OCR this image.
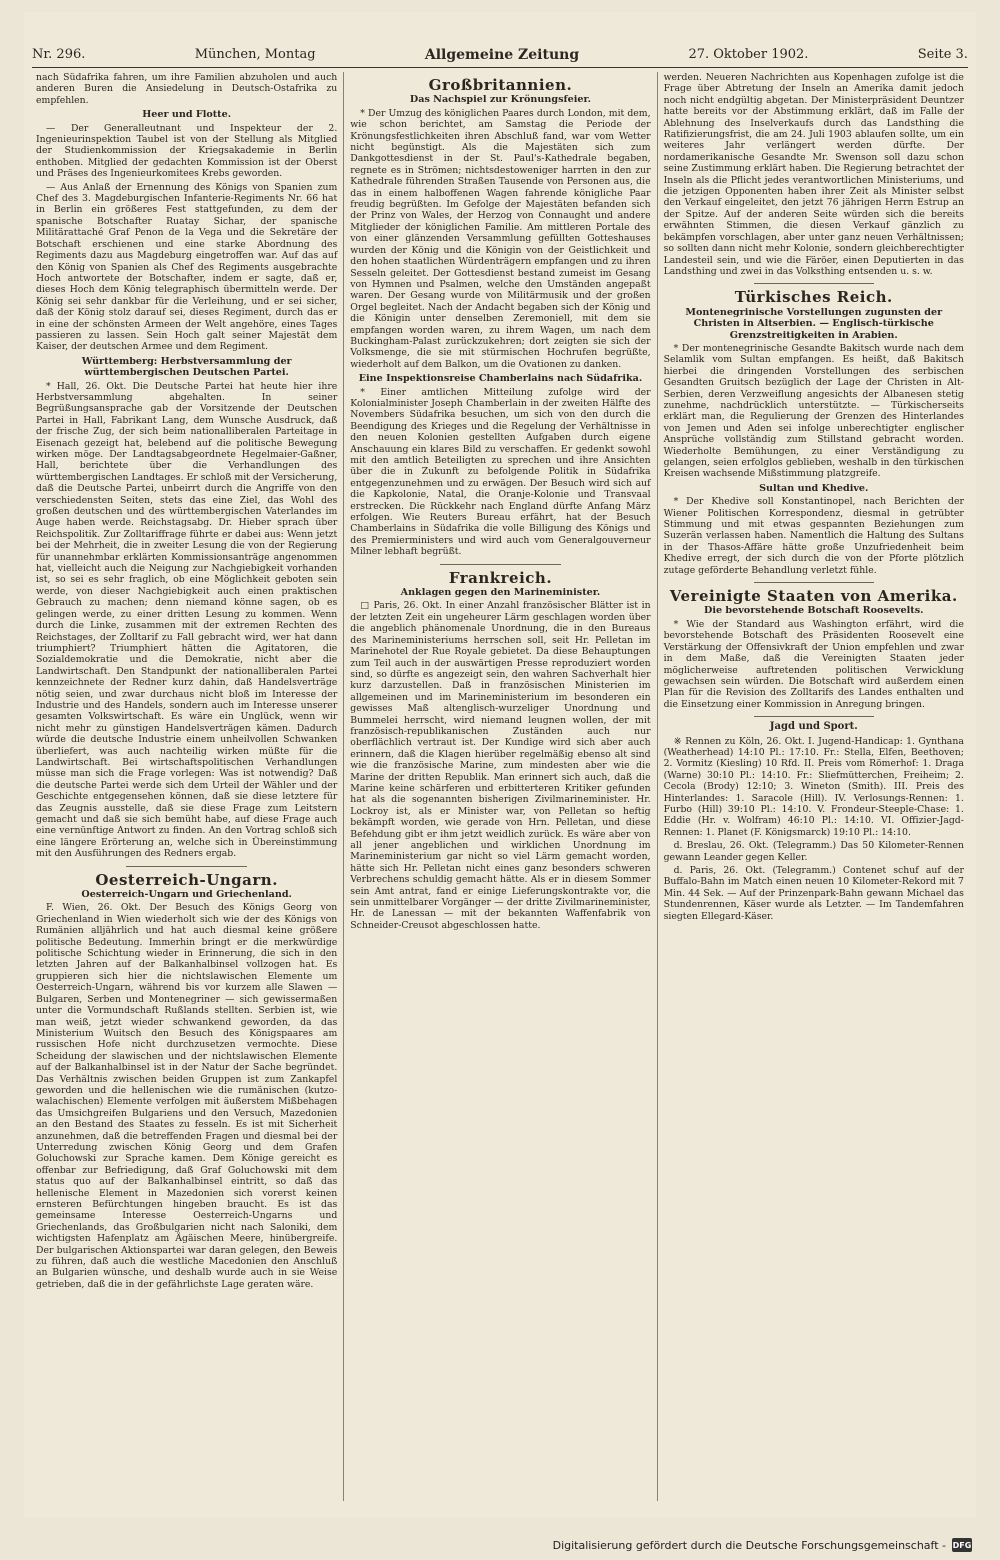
Nr. 296.	München, Montag	Allgemeine Zeitung	27. Oktober 1902.	Seite 3.

nach Südafrika fahren, um ihre Familien abzuholen und auch anderen Buren die Ansiedelung in Deutsch-Ostafrika zu empfehlen.

Heer und Flotte.

— Der Generalleutnant und Inspekteur der 2. Ingenieurinspektion Taubel ist von der Stellung als Mitglied der Studienkommission der Kriegsakademie in Berlin enthoben. Mitglied der gedachten Kommission ist der Oberst und Präses des Ingenieurkomitees Krebs geworden.

— Aus Anlaß der Ernennung des Königs von Spanien zum Chef des 3. Magdeburgischen Infanterie-Regiments Nr. 66 hat in Berlin ein größeres Fest stattgefunden, zu dem der spanische Botschafter Ruatay Sichar, der spanische Militärattaché Graf Penon de la Vega und die Sekretäre der Botschaft erschienen und eine starke Abordnung des Regiments dazu aus Magdeburg eingetroffen war. Auf das auf den König von Spanien als Chef des Regiments ausgebrachte Hoch antwortete der Botschafter, indem er sagte, daß er, dieses Hoch dem König telegraphisch übermitteln werde. Der König sei sehr dankbar für die Verleihung, und er sei sicher, daß der König stolz darauf sei, dieses Regiment, durch das er in eine der schönsten Armeen der Welt angehöre, eines Tages passieren zu lassen. Sein Hoch galt seiner Majestät dem Kaiser, der deutschen Armee und dem Regiment.

Württemberg: Herbstversammlung der württembergischen Deutschen Partei.

* Hall, 26. Okt. Die Deutsche Partei hat heute hier ihre Herbstversammlung abgehalten. In seiner Begrüßungsansprache gab der Vorsitzende der Deutschen Partei in Hall, Fabrikant Lang, dem Wunsche Ausdruck, daß der frische Zug, der sich beim nationalliberalen Parteitage in Eisenach gezeigt hat, belebend auf die politische Bewegung wirken möge. Der Landtagsabgeordnete Hegelmaier-Gaßner, Hall, berichtete über die Verhandlungen des württembergischen Landtages. Er schloß mit der Versicherung, daß die Deutsche Partei, unbeirrt durch die Angriffe von den verschiedensten Seiten, stets das eine Ziel, das Wohl des großen deutschen und des württembergischen Vaterlandes im Auge haben werde. Reichstagsabg. Dr. Hieber sprach über Reichspolitik. Zur Zolltariffrage führte er dabei aus: Wenn jetzt bei der Mehrheit, die in zweiter Lesung die von der Regierung für unannehmbar erklärten Kommissionsanträge angenommen hat, vielleicht auch die Neigung zur Nachgiebigkeit vorhanden ist, so sei es sehr fraglich, ob eine Möglichkeit geboten sein werde, von dieser Nachgiebigkeit auch einen praktischen Gebrauch zu machen; denn niemand könne sagen, ob es gelingen werde, zu einer dritten Lesung zu kommen. Wenn durch die Linke, zusammen mit der extremen Rechten des Reichstages, der Zolltarif zu Fall gebracht wird, wer hat dann triumphiert? Triumphiert hätten die Agitatoren, die Sozialdemokratie und die Demokratie, nicht aber die Landwirtschaft. Den Standpunkt der nationalliberalen Partei kennzeichnete der Redner kurz dahin, daß Handelsverträge nötig seien, und zwar durchaus nicht bloß im Interesse der Industrie und des Handels, sondern auch im Interesse unserer gesamten Volkswirtschaft. Es wäre ein Unglück, wenn wir nicht mehr zu günstigen Handelsverträgen kämen. Dadurch würde die deutsche Industrie einem unheilvollen Schwanken überliefert, was auch nachteilig wirken müßte für die Landwirtschaft. Bei wirtschaftspolitischen Verhandlungen müsse man sich die Frage vorlegen: Was ist notwendig? Daß die deutsche Partei werde sich dem Urteil der Wähler und der Geschichte entgegensehen können, daß sie diese letztere für das Zeugnis ausstelle, daß sie diese Frage zum Leitstern gemacht und daß sie sich bemüht habe, auf diese Frage auch eine vernünftige Antwort zu finden. An den Vortrag schloß sich eine längere Erörterung an, welche sich in Übereinstimmung mit den Ausführungen des Redners ergab.

Oesterreich-Ungarn.
Oesterreich-Ungarn und Griechenland.

F. Wien, 26. Okt. Der Besuch des Königs Georg von Griechenland in Wien wiederholt sich wie der des Königs von Rumänien alljährlich und hat auch diesmal keine größere politische Bedeutung. Immerhin bringt er die merkwürdige politische Schichtung wieder in Erinnerung, die sich in den letzten Jahren auf der Balkanhalbinsel vollzogen hat. Es gruppieren sich hier die nichtslawischen Elemente um Oesterreich-Ungarn, während bis vor kurzem alle Slawen — Bulgaren, Serben und Montenegriner — sich gewissermaßen unter die Vormundschaft Rußlands stellten. Serbien ist, wie man weiß, jetzt wieder schwankend geworden, da das Ministerium Wuitsch den Besuch des Königspaares am russischen Hofe nicht durchzusetzen vermochte. Diese Scheidung der slawischen und der nichtslawischen Elemente auf der Balkanhalbinsel ist in der Natur der Sache begründet. Das Verhältnis zwischen beiden Gruppen ist zum Zankapfel geworden und die hellenischen wie die rumänischen (kutzo-walachischen) Elemente verfolgen mit äußerstem Mißbehagen das Umsichgreifen Bulgariens und den Versuch, Mazedonien an den Bestand des Staates zu fesseln. Es ist mit Sicherheit anzunehmen, daß die betreffenden Fragen und diesmal bei der Unterredung zwischen König Georg und dem Grafen Goluchowski zur Sprache kamen. Dem Könige gereicht es offenbar zur Befriedigung, daß Graf Goluchowski mit dem status quo auf der Balkanhalbinsel eintritt, so daß das hellenische Element in Mazedonien sich vorerst keinen ernsteren Befürchtungen hingeben braucht. Es ist das gemeinsame Interesse Oesterreich-Ungarns und Griechenlands, das Großbulgarien nicht nach Saloniki, dem wichtigsten Hafenplatz am Ägäischen Meere, hinübergreife. Der bulgarischen Aktionspartei war daran gelegen, den Beweis zu führen, daß auch die westliche Macedonien den Anschluß an Bulgarien wünsche, und deshalb wurde auch in sie Weise getrieben, daß die in der gefährlichste Lage geraten wäre.

Großbritannien.
Das Nachspiel zur Krönungsfeier.

* Der Umzug des königlichen Paares durch London, mit dem, wie schon berichtet, am Samstag die Periode der Krönungsfestlichkeiten ihren Abschluß fand, war vom Wetter nicht begünstigt. Als die Majestäten sich zum Dankgottesdienst in der St. Paul's-Kathedrale begaben, regnete es in Strömen; nichtsdestoweniger harrten in den zur Kathedrale führenden Straßen Tausende von Personen aus, die das in einem halboffenen Wagen fahrende königliche Paar freudig begrüßten. Im Gefolge der Majestäten befanden sich der Prinz von Wales, der Herzog von Connaught und andere Mitglieder der königlichen Familie. Am mittleren Portale des von einer glänzenden Versammlung gefüllten Gotteshauses wurden der König und die Königin von der Geistlichkeit und den hohen staatlichen Würdenträgern empfangen und zu ihren Sesseln geleitet. Der Gottesdienst bestand zumeist im Gesang von Hymnen und Psalmen, welche den Umständen angepaßt waren. Der Gesang wurde von Militärmusik und der großen Orgel begleitet. Nach der Andacht begaben sich der König und die Königin unter denselben Zeremoniell, mit dem sie empfangen worden waren, zu ihrem Wagen, um nach dem Buckingham-Palast zurückzukehren; dort zeigten sie sich der Volksmenge, die sie mit stürmischen Hochrufen begrüßte, wiederholt auf dem Balkon, um die Ovationen zu danken.

Eine Inspektionsreise Chamberlains nach Südafrika.

* Einer amtlichen Mitteilung zufolge wird der Kolonialminister Joseph Chamberlain in der zweiten Hälfte des Novembers Südafrika besuchen, um sich von den durch die Beendigung des Krieges und die Regelung der Verhältnisse in den neuen Kolonien gestellten Aufgaben durch eigene Anschauung ein klares Bild zu verschaffen. Er gedenkt sowohl mit den amtlich Beteiligten zu sprechen und ihre Ansichten über die in Zukunft zu befolgende Politik in Südafrika entgegenzunehmen und zu erwägen. Der Besuch wird sich auf die Kapkolonie, Natal, die Oranje-Kolonie und Transvaal erstrecken. Die Rückkehr nach England dürfte Anfang März erfolgen. Wie Reuters Bureau erfährt, hat der Besuch Chamberlains in Südafrika die volle Billigung des Königs und des Premierministers und wird auch vom Generalgouverneur Milner lebhaft begrüßt.

Frankreich.
Anklagen gegen den Marineminister.

□ Paris, 26. Okt. In einer Anzahl französischer Blätter ist in der letzten Zeit ein ungeheurer Lärm geschlagen worden über die angeblich phänomenale Unordnung, die in den Bureaus des Marineministeriums herrschen soll, seit Hr. Pelletan im Marinehotel der Rue Royale gebietet. Da diese Behauptungen zum Teil auch in der auswärtigen Presse reproduziert worden sind, so dürfte es angezeigt sein, den wahren Sachverhalt hier kurz darzustellen. Daß in französischen Ministerien im allgemeinen und im Marineministerium im besonderen ein gewisses Maß altenglisch-wurzeliger Unordnung und Bummelei herrscht, wird niemand leugnen wollen, der mit französisch-republikanischen Zuständen auch nur oberflächlich vertraut ist. Der Kundige wird sich aber auch erinnern, daß die Klagen hierüber regelmäßig ebenso alt sind wie die französische Marine, zum mindesten aber wie die Marine der dritten Republik. Man erinnert sich auch, daß die Marine keine schärferen und erbitterteren Kritiker gefunden hat als die sogenannten bisherigen Zivilmarineminister. Hr. Lockroy ist, als er Minister war, von Pelletan so heftig bekämpft worden, wie gerade von Hrn. Pelletan, und diese Befehdung gibt er ihm jetzt weidlich zurück. Es wäre aber von all jener angeblichen und wirklichen Unordnung im Marineministerium gar nicht so viel Lärm gemacht worden, hätte sich Hr. Pelletan nicht eines ganz besonders schweren Verbrechens schuldig gemacht hätte. Als er in diesem Sommer sein Amt antrat, fand er einige Lieferungskontrakte vor, die sein unmittelbarer Vorgänger — der dritte Zivilmarineminister, Hr. de Lanessan — mit der bekannten Waffenfabrik von Schneider-Creusot abgeschlossen hatte.

werden. Neueren Nachrichten aus Kopenhagen zufolge ist die Frage über Abtretung der Inseln an Amerika damit jedoch noch nicht endgültig abgetan. Der Ministerpräsident Deuntzer hatte bereits vor der Abstimmung erklärt, daß im Falle der Ablehnung des Inselverkaufs durch das Landsthing die Ratifizierungsfrist, die am 24. Juli 1903 ablaufen sollte, um ein weiteres Jahr verlängert werden dürfte. Der nordamerikanische Gesandte Mr. Swenson soll dazu schon seine Zustimmung erklärt haben. Die Regierung betrachtet der Inseln als die Pflicht jedes verantwortlichen Ministeriums, und die jetzigen Opponenten haben ihrer Zeit als Minister selbst den Verkauf eingeleitet, den jetzt 76 jährigen Herrn Estrup an der Spitze. Auf der anderen Seite würden sich die bereits erwähnten Stimmen, die diesen Verkauf gänzlich zu bekämpfen vorschlagen, aber unter ganz neuen Verhältnissen; so sollten dann nicht mehr Kolonie, sondern gleichberechtigter Landesteil sein, und wie die Färöer, einen Deputierten in das Landsthing und zwei in das Volksthing entsenden u. s. w.

Türkisches Reich.
Montenegrinische Vorstellungen zugunsten der Christen in Altserbien. — Englisch-türkische Grenzstreitigkeiten in Arabien.

* Der montenegrinische Gesandte Bakitsch wurde nach dem Selamlik vom Sultan empfangen. Es heißt, daß Bakitsch hierbei die dringenden Vorstellungen des serbischen Gesandten Gruitsch bezüglich der Lage der Christen in Alt-Serbien, deren Verzweiflung angesichts der Albanesen stetig zunehme, nachdrücklich unterstützte. — Türkischerseits erklärt man, die Regulierung der Grenzen des Hinterlandes von Jemen und Aden sei infolge unberechtigter englischer Ansprüche vollständig zum Stillstand gebracht worden. Wiederholte Bemühungen, zu einer Verständigung zu gelangen, seien erfolglos geblieben, weshalb in den türkischen Kreisen wachsende Mißstimmung platzgreife.

Sultan und Khedive.

* Der Khedive soll Konstantinopel, nach Berichten der Wiener Politischen Korrespondenz, diesmal in getrübter Stimmung und mit etwas gespannten Beziehungen zum Suzerän verlassen haben. Namentlich die Haltung des Sultans in der Thasos-Affäre hätte große Unzufriedenheit beim Khedive erregt, der sich durch die von der Pforte plötzlich zutage geförderte Behandlung verletzt fühle.

Vereinigte Staaten von Amerika.
Die bevorstehende Botschaft Roosevelts.

* Wie der Standard aus Washington erfährt, wird die bevorstehende Botschaft des Präsidenten Roosevelt eine Verstärkung der Offensivkraft der Union empfehlen und zwar in dem Maße, daß die Vereinigten Staaten jeder möglicherweise auftretenden politischen Verwicklung gewachsen sein würden. Die Botschaft wird außerdem einen Plan für die Revision des Zolltarifs des Landes enthalten und die Einsetzung einer Kommission in Anregung bringen.

Jagd und Sport.

※ Rennen zu Köln, 26. Okt. I. Jugend-Handicap: 1. Gynthana (Weatherhead) 14:10 Pl.: 17:10. Fr.: Stella, Elfen, Beethoven; 2. Vormitz (Kiesling) 10 Rfd. II. Preis vom Römerhof: 1. Draga (Warne) 30:10 Pl.: 14:10. Fr.: Sliefmütterchen, Freiheim; 2. Cecola (Brody) 12:10; 3. Wineton (Smith). III. Preis des Hinterlandes: 1. Saracole (Hill). IV. Verlosungs-Rennen: 1. Furbo (Hill) 39:10 Pl.: 14:10. V. Frondeur-Steeple-Chase: 1. Eddie (Hr. v. Wolfram) 46:10 Pl.: 14:10. VI. Offizier-Jagd-Rennen: 1. Planet (F. Königsmarck) 19:10 Pl.: 14:10.

d. Breslau, 26. Okt. (Telegramm.) Das 50 Kilometer-Rennen gewann Leander gegen Keller.

d. Paris, 26. Okt. (Telegramm.) Contenet schuf auf der Buffalo-Bahn im Match einen neuen 10 Kilometer-Rekord mit 7 Min. 44 Sek. — Auf der Prinzenpark-Bahn gewann Michael das Stundenrennen, Käser wurde als Letzter. — Im Tandemfahren siegten Ellegard-Käser.

Digitalisierung gefördert durch die Deutsche Forschungsgemeinschaft - DFG
